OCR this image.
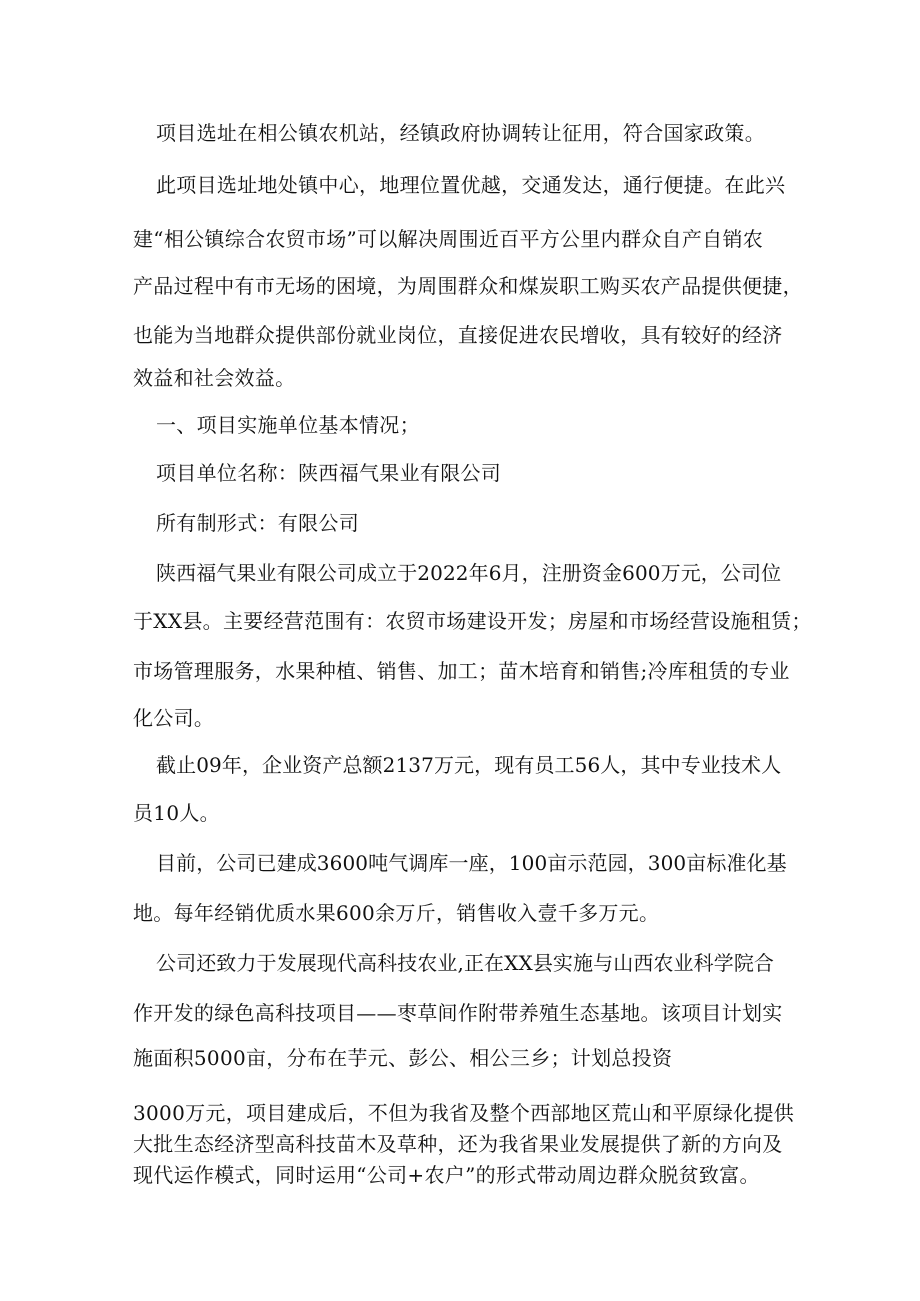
项目选址在相公镇农机站，经镇政府协调转让征用，符合国家政策。
此项目选址地处镇中心，地理位置优越，交通发达，通行便捷。在此兴
建“相公镇综合农贸市场”可以解决周围近百平方公里内群众自产自销农
产品过程中有市无场的困境，为周围群众和煤炭职工购买农产品提供便捷，
也能为当地群众提供部份就业岗位，直接促进农民增收，具有较好的经济
效益和社会效益。
一、项目实施单位基本情况；
项目单位名称：陕西福气果业有限公司
所有制形式：有限公司
陕西福气果业有限公司成立于2022年6月，注册资金600万元，公司位
于XX县。主要经营范围有：农贸市场建设开发；房屋和市场经营设施租赁；
市场管理服务，水果种植、销售、加工；苗木培育和销售;冷库租赁的专业
化公司。
截止09年，企业资产总额2137万元，现有员工56人，其中专业技术人
员10人。
目前，公司已建成3600吨气调库一座，100亩示范园，300亩标准化基
地。每年经销优质水果600余万斤，销售收入壹千多万元。
公司还致力于发展现代高科技农业,正在XX县实施与山西农业科学院合
作开发的绿色高科技项目——枣草间作附带养殖生态基地。该项目计划实
施面积5000亩，分布在芋元、彭公、相公三乡；计划总投资
3000万元，项目建成后，不但为我省及整个西部地区荒山和平原绿化提供
大批生态经济型高科技苗木及草种，还为我省果业发展提供了新的方向及
现代运作模式，同时运用“公司+农户”的形式带动周边群众脱贫致富。
